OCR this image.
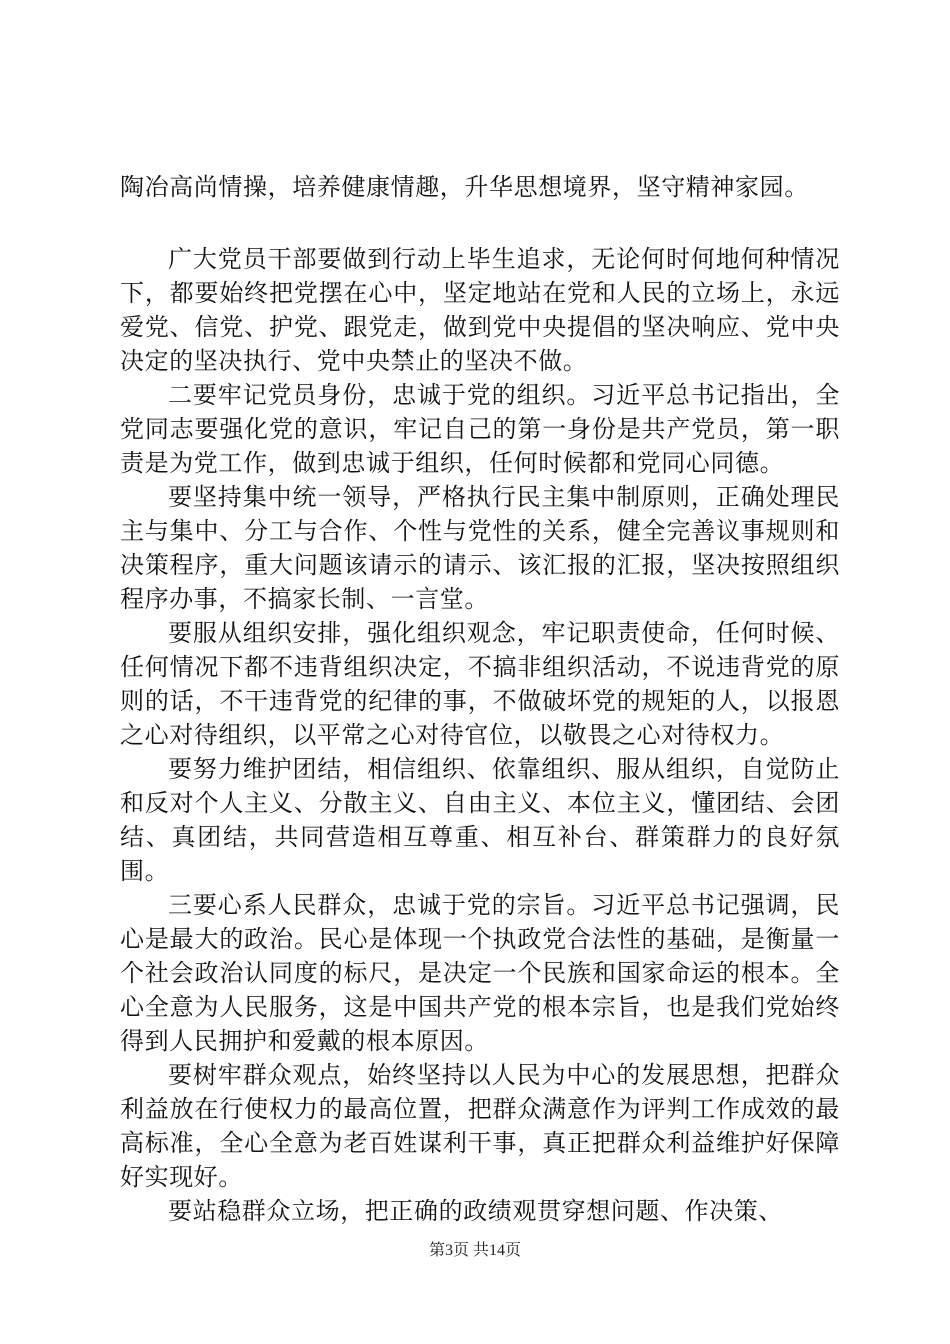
陶冶高尚情操，培养健康情趣，升华思想境界，坚守精神家园。

广大党员干部要做到行动上毕生追求，无论何时何地何种情况下，都要始终把党摆在心中，坚定地站在党和人民的立场上，永远爱党、信党、护党、跟党走，做到党中央提倡的坚决响应、党中央决定的坚决执行、党中央禁止的坚决不做。

二要牢记党员身份，忠诚于党的组织。习近平总书记指出，全党同志要强化党的意识，牢记自己的第一身份是共产党员，第一职责是为党工作，做到忠诚于组织，任何时候都和党同心同德。

要坚持集中统一领导，严格执行民主集中制原则，正确处理民主与集中、分工与合作、个性与党性的关系，健全完善议事规则和决策程序，重大问题该请示的请示、该汇报的汇报，坚决按照组织程序办事，不搞家长制、一言堂。

要服从组织安排，强化组织观念，牢记职责使命，任何时候、任何情况下都不违背组织决定，不搞非组织活动，不说违背党的原则的话，不干违背党的纪律的事，不做破坏党的规矩的人，以报恩之心对待组织，以平常之心对待官位，以敬畏之心对待权力。

要努力维护团结，相信组织、依靠组织、服从组织，自觉防止和反对个人主义、分散主义、自由主义、本位主义，懂团结、会团结、真团结，共同营造相互尊重、相互补台、群策群力的良好氛围。

三要心系人民群众，忠诚于党的宗旨。习近平总书记强调，民心是最大的政治。民心是体现一个执政党合法性的基础，是衡量一个社会政治认同度的标尺，是决定一个民族和国家命运的根本。全心全意为人民服务，这是中国共产党的根本宗旨，也是我们党始终得到人民拥护和爱戴的根本原因。

要树牢群众观点，始终坚持以人民为中心的发展思想，把群众利益放在行使权力的最高位置，把群众满意作为评判工作成效的最高标准，全心全意为老百姓谋利干事，真正把群众利益维护好保障好实现好。

要站稳群众立场，把正确的政绩观贯穿想问题、作决策、

第3页 共14页
